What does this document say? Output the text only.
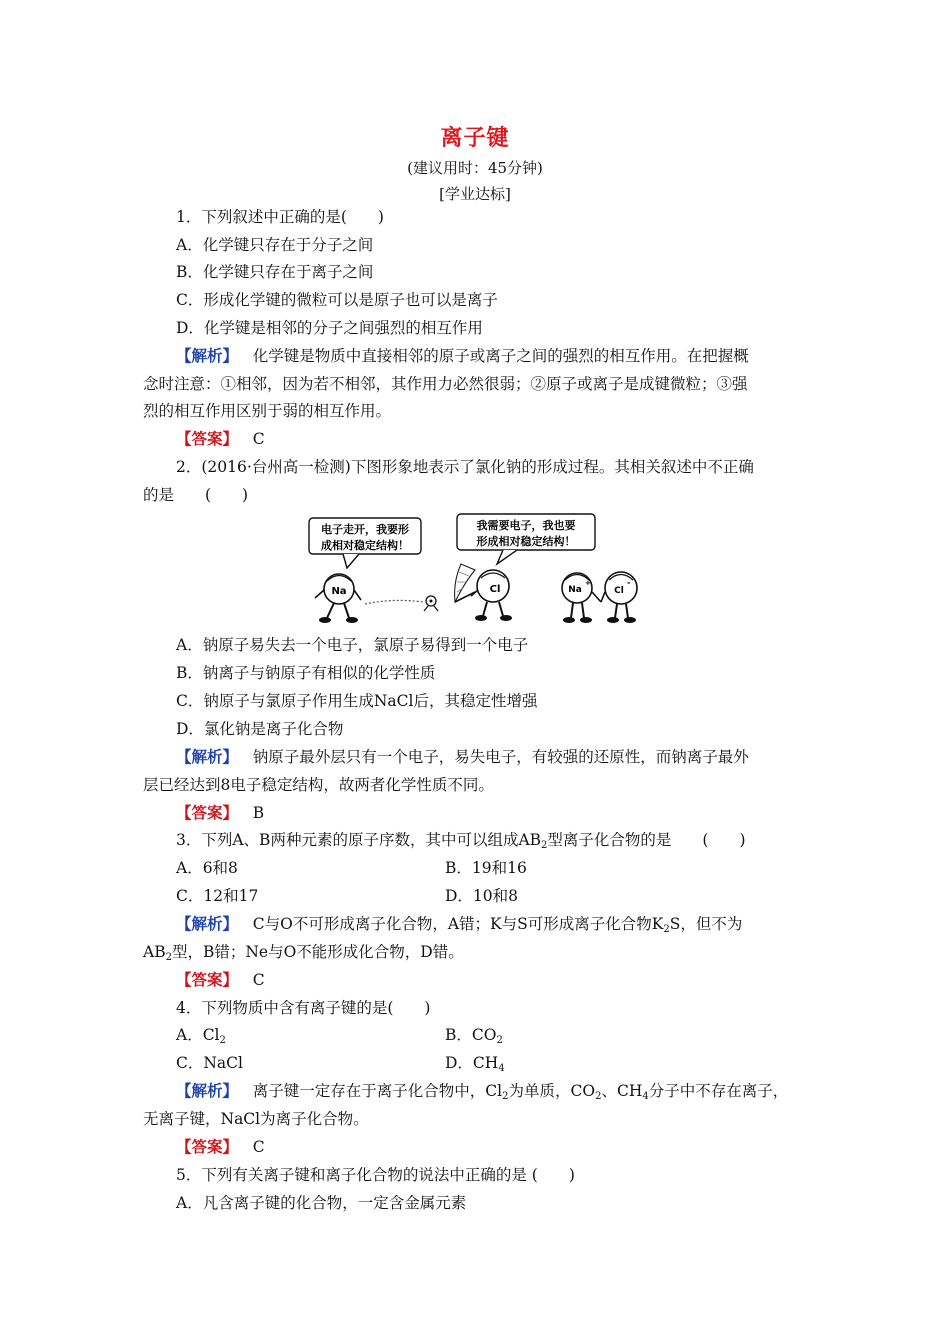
离子键
(建议用时：45分钟)
[学业达标]
1．下列叙述中正确的是(　　)
A．化学键只存在于分子之间
B．化学键只存在于离子之间
C．形成化学键的微粒可以是原子也可以是离子
D．化学键是相邻的分子之间强烈的相互作用
【解析】 化学键是物质中直接相邻的原子或离子之间的强烈的相互作用。在把握概
念时注意：①相邻，因为若不相邻，其作用力必然很弱；②原子或离子是成键微粒；③强
烈的相互作用区别于弱的相互作用。
【答案】 C
2．(2016·台州高一检测)下图形象地表示了氯化钠的形成过程。其相关叙述中不正确
的是　　(　　)
电子走开，我要形
成相对稳定结构！
我需要电子，我也要
形成相对稳定结构！
Na	Cl	Na
+
Cl
-
A．钠原子易失去一个电子，氯原子易得到一个电子
B．钠离子与钠原子有相似的化学性质
C．钠原子与氯原子作用生成NaCl后，其稳定性增强
D．氯化钠是离子化合物
【解析】 钠原子最外层只有一个电子，易失电子，有较强的还原性，而钠离子最外
层已经达到8电子稳定结构，故两者化学性质不同。
【答案】 B
3．下列A、B两种元素的原子序数，其中可以组成$AB_2$型离子化合物的是　　(　　)
A．6和8	B．19和16
C．12和17	D．10和8
【解析】 C与O不可形成离子化合物，A错；K与S可形成离子化合物$K_2S$，但不为
$AB_2$型，B错；Ne与O不能形成化合物，D错。
【答案】 C
4．下列物质中含有离子键的是(　　)
A．$Cl_2$	B．$CO_2$
C．NaCl	D．$CH_4$
【解析】 离子键一定存在于离子化合物中，$Cl_2$为单质，$CO_2$、$CH_4$分子中不存在离子，
无离子键，NaCl为离子化合物。
【答案】 C
5．下列有关离子键和离子化合物的说法中正确的是 (　　)
A．凡含离子键的化合物，一定含金属元素
